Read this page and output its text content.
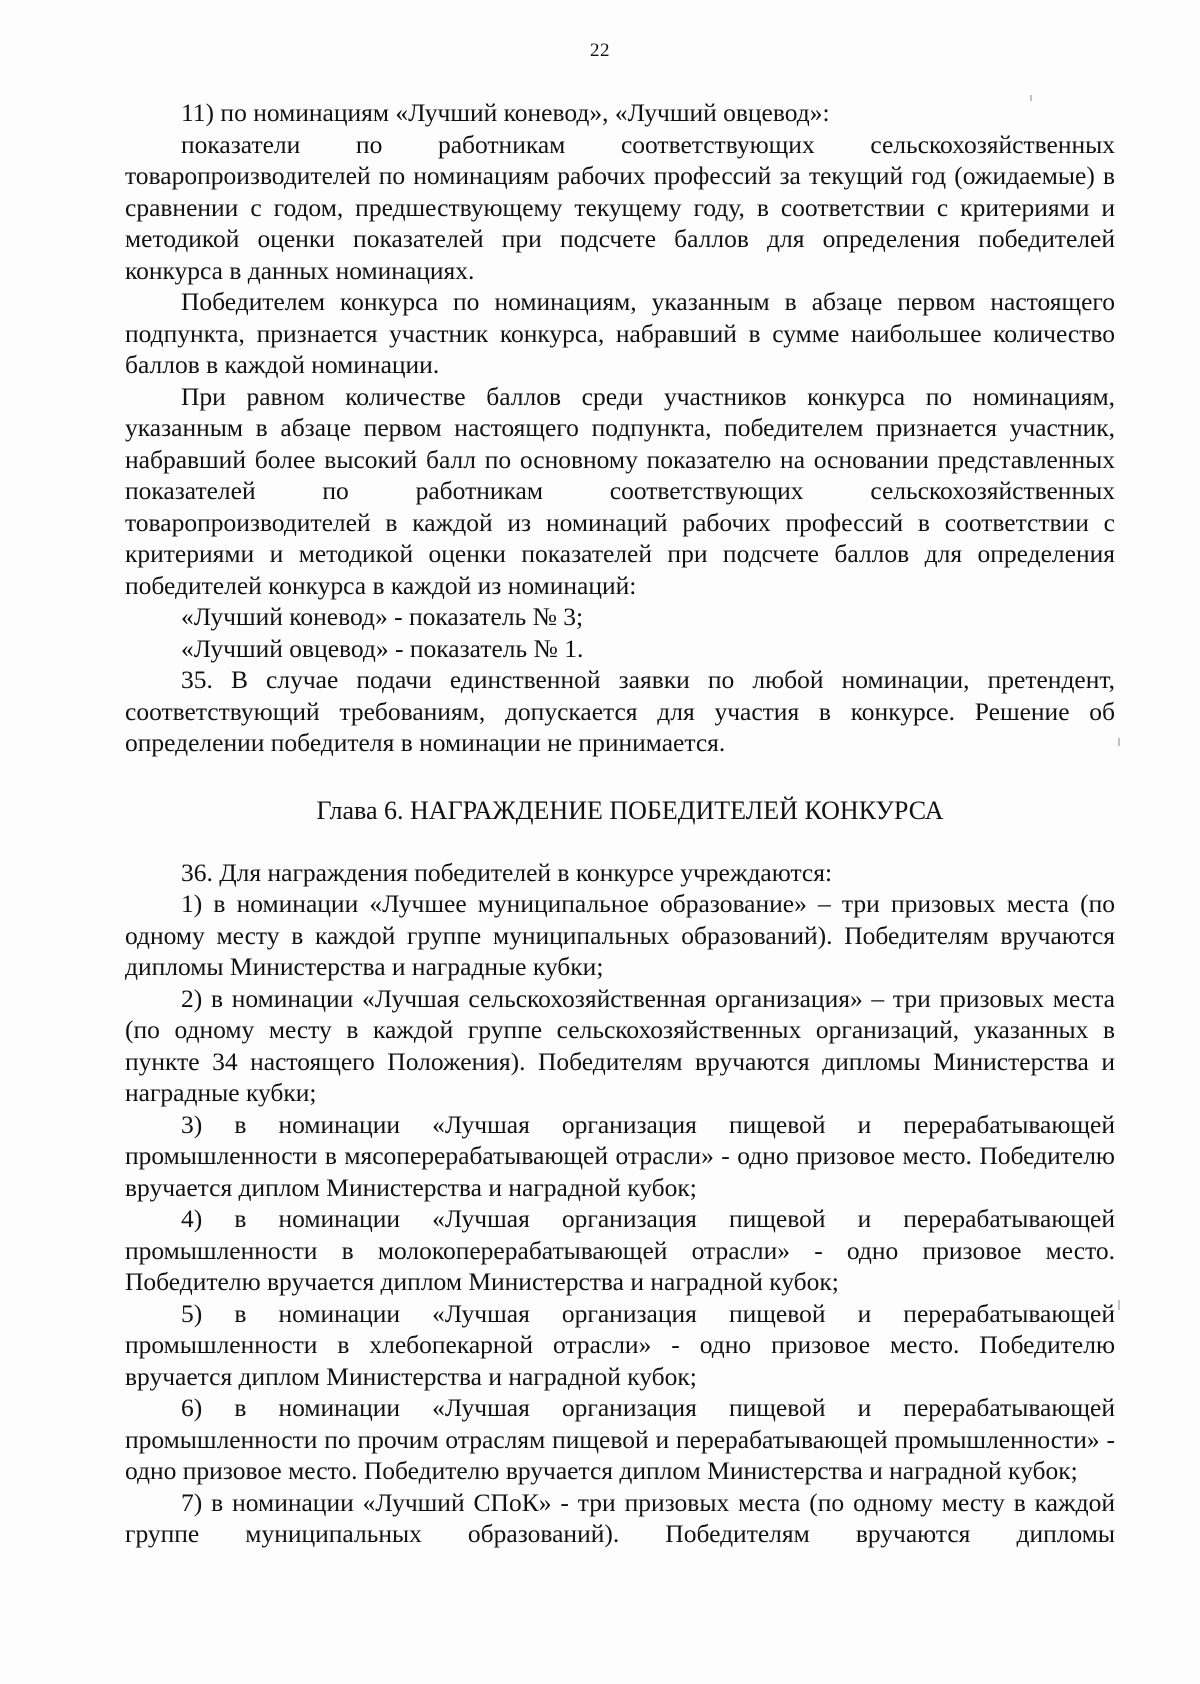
22

11) по номинациям «Лучший коневод», «Лучший овцевод»:

показатели по работникам соответствующих сельскохозяйственных товаропроизводителей по номинациям рабочих профессий за текущий год (ожидаемые) в сравнении с годом, предшествующему текущему году, в соответствии с критериями и методикой оценки показателей при подсчете баллов для определения победителей конкурса в данных номинациях.

Победителем конкурса по номинациям, указанным в абзаце первом настоящего подпункта, признается участник конкурса, набравший в сумме наибольшее количество баллов в каждой номинации.

При равном количестве баллов среди участников конкурса по номинациям, указанным в абзаце первом настоящего подпункта, победителем признается участник, набравший более высокий балл по основному показателю на основании представленных показателей по работникам соответствующих сельскохозяйственных товаропроизводителей в каждой из номинаций рабочих профессий в соответствии с критериями и методикой оценки показателей при подсчете баллов для определения победителей конкурса в каждой из номинаций:

«Лучший коневод» - показатель № 3;

«Лучший овцевод» - показатель № 1.

35. В случае подачи единственной заявки по любой номинации, претендент, соответствующий требованиям, допускается для участия в конкурсе. Решение об определении победителя в номинации не принимается.

Глава 6. НАГРАЖДЕНИЕ ПОБЕДИТЕЛЕЙ КОНКУРСА

36. Для награждения победителей в конкурсе учреждаются:

1) в номинации «Лучшее муниципальное образование» – три призовых места (по одному месту в каждой группе муниципальных образований). Победителям вручаются дипломы Министерства и наградные кубки;

2) в номинации «Лучшая сельскохозяйственная организация» – три призовых места (по одному месту в каждой группе сельскохозяйственных организаций, указанных в пункте 34 настоящего Положения). Победителям вручаются дипломы Министерства и наградные кубки;

3) в номинации «Лучшая организация пищевой и перерабатывающей промышленности в мясоперерабатывающей отрасли» - одно призовое место. Победителю вручается диплом Министерства и наградной кубок;

4) в номинации «Лучшая организация пищевой и перерабатывающей промышленности в молокоперерабатывающей отрасли» - одно призовое место. Победителю вручается диплом Министерства и наградной кубок;

5) в номинации «Лучшая организация пищевой и перерабатывающей промышленности в хлебопекарной отрасли» - одно призовое место. Победителю вручается диплом Министерства и наградной кубок;

6) в номинации «Лучшая организация пищевой и перерабатывающей промышленности по прочим отраслям пищевой и перерабатывающей промышленности» - одно призовое место. Победителю вручается диплом Министерства и наградной кубок;

7) в номинации «Лучший СПоК» - три призовых места (по одному месту в каждой группе муниципальных образований). Победителям вручаются дипломы
